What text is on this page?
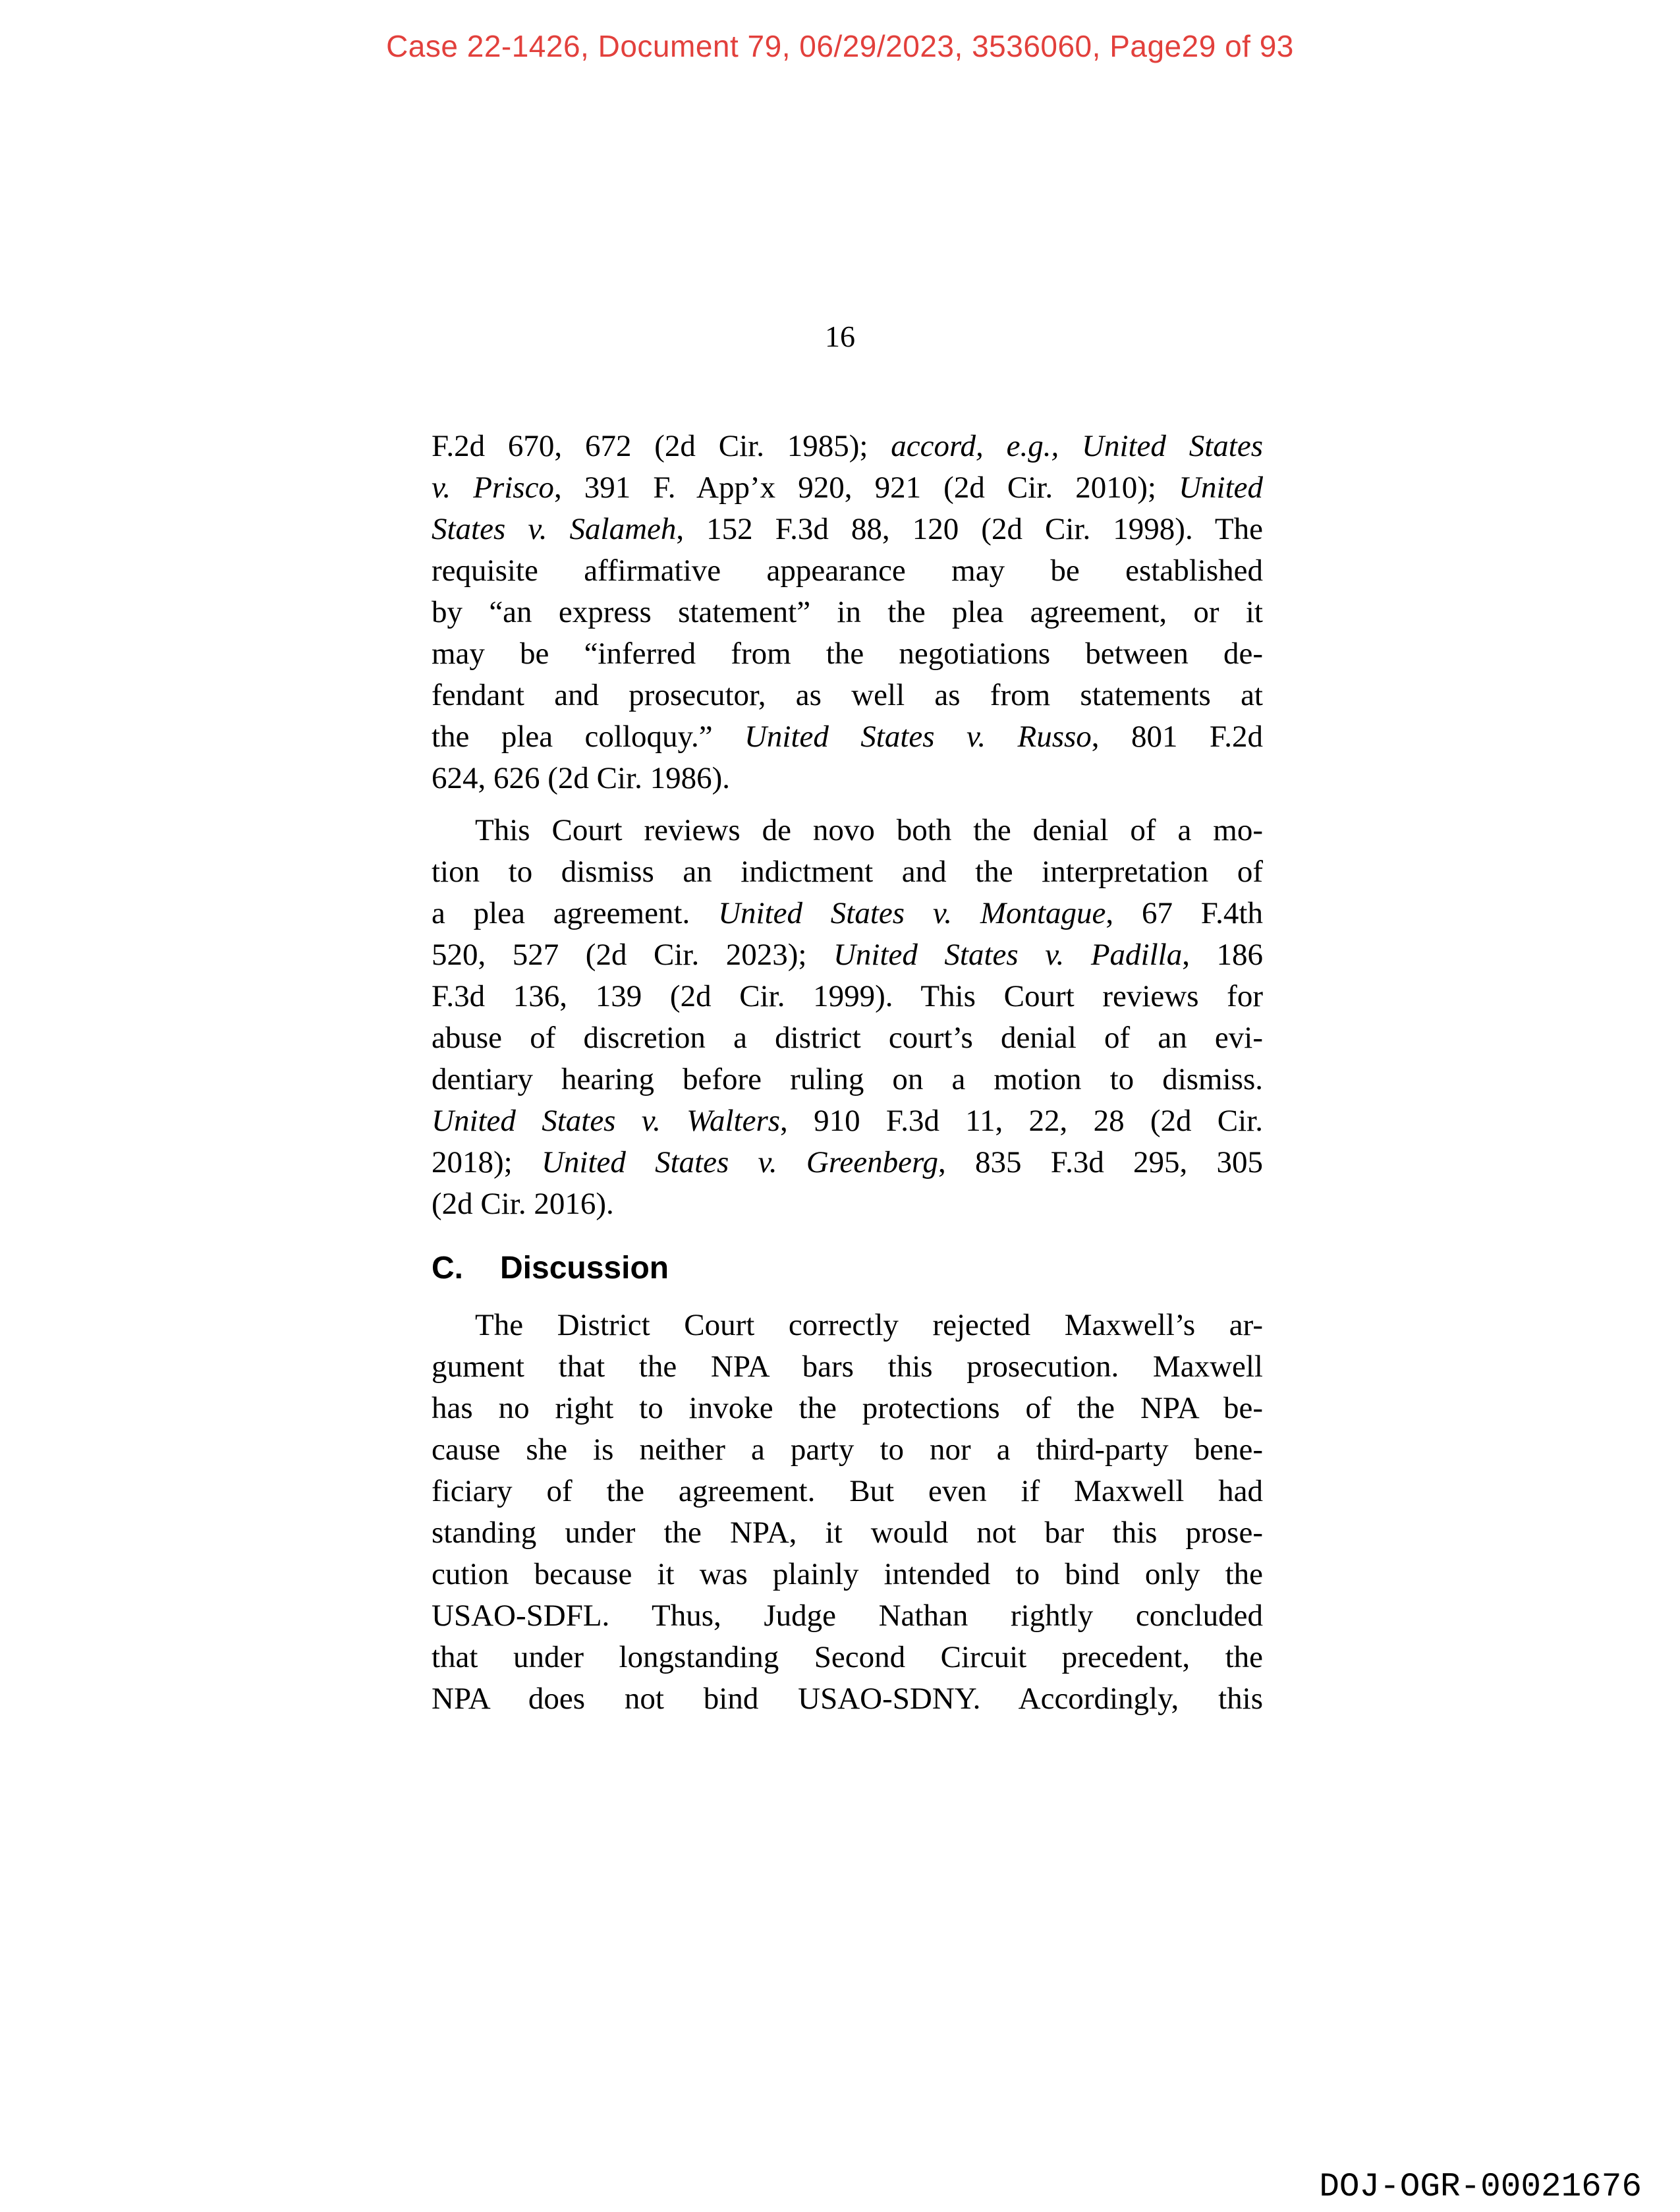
Case 22-1426, Document 79, 06/29/2023, 3536060, Page29 of 93
16
F.2d 670, 672 (2d Cir. 1985); accord, e.g., United States
v. Prisco, 391 F. App’x 920, 921 (2d Cir. 2010); United
States v. Salameh, 152 F.3d 88, 120 (2d Cir. 1998). The
requisite affirmative appearance may be established
by “an express statement” in the plea agreement, or it
may be “inferred from the negotiations between de-
fendant and prosecutor, as well as from statements at
the plea colloquy.” United States v. Russo, 801 F.2d
624, 626 (2d Cir. 1986).
This Court reviews de novo both the denial of a mo-
tion to dismiss an indictment and the interpretation of
a plea agreement. United States v. Montague, 67 F.4th
520, 527 (2d Cir. 2023); United States v. Padilla, 186
F.3d 136, 139 (2d Cir. 1999). This Court reviews for
abuse of discretion a district court’s denial of an evi-
dentiary hearing before ruling on a motion to dismiss.
United States v. Walters, 910 F.3d 11, 22, 28 (2d Cir.
2018); United States v. Greenberg, 835 F.3d 295, 305
(2d Cir. 2016).
C. Discussion
The District Court correctly rejected Maxwell’s ar-
gument that the NPA bars this prosecution. Maxwell
has no right to invoke the protections of the NPA be-
cause she is neither a party to nor a third-party bene-
ficiary of the agreement. But even if Maxwell had
standing under the NPA, it would not bar this prose-
cution because it was plainly intended to bind only the
USAO-SDFL. Thus, Judge Nathan rightly concluded
that under longstanding Second Circuit precedent, the
NPA does not bind USAO-SDNY. Accordingly, this
DOJ-OGR-00021676
